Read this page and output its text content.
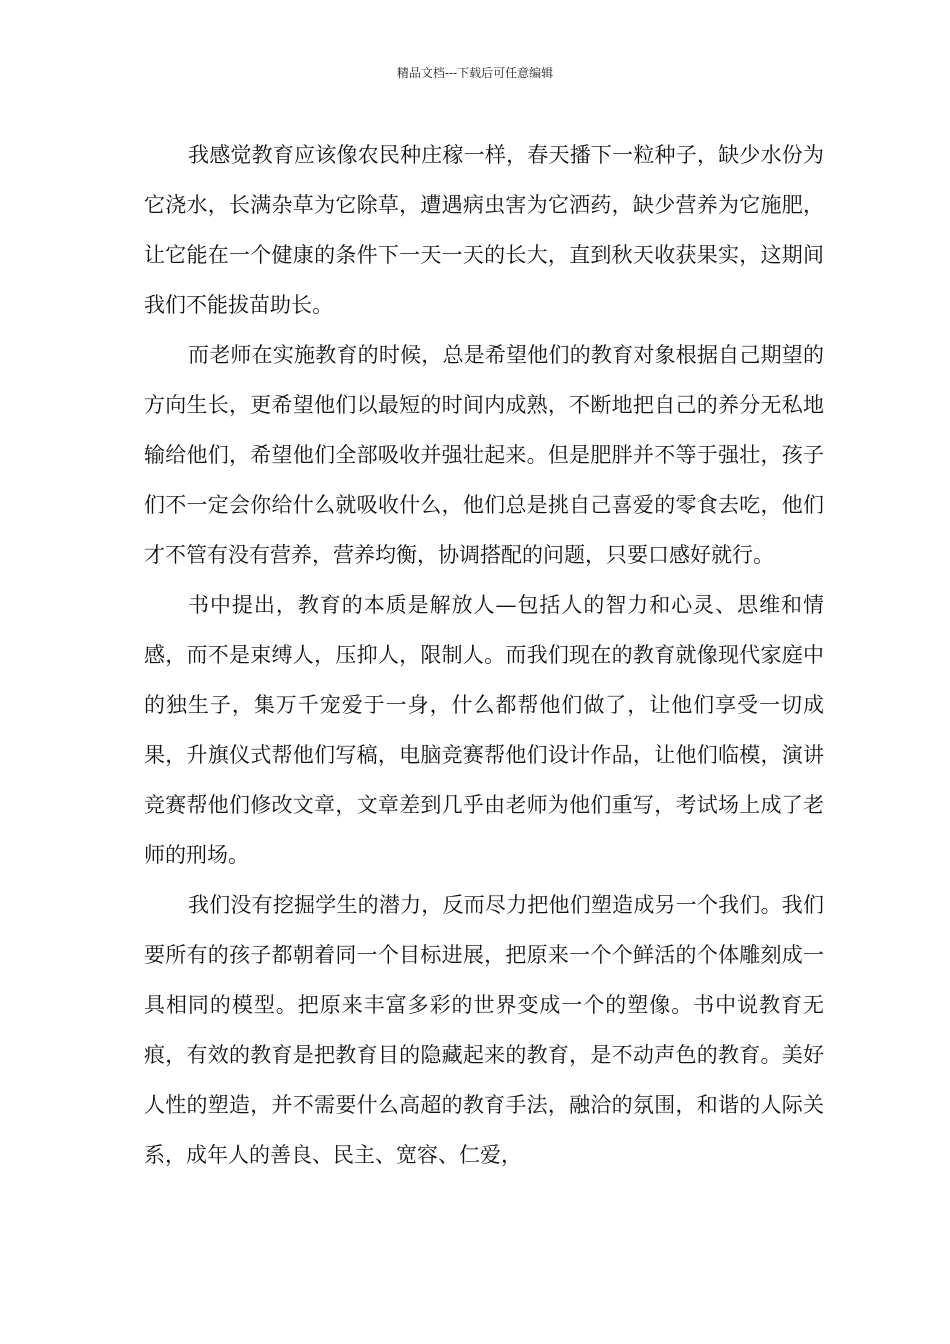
精品文档---下载后可任意编辑

我感觉教育应该像农民种庄稼一样，春天播下一粒种子，缺少水份为它浇水，长满杂草为它除草，遭遇病虫害为它洒药，缺少营养为它施肥，让它能在一个健康的条件下一天一天的长大，直到秋天收获果实，这期间我们不能拔苗助长。

而老师在实施教育的时候，总是希望他们的教育对象根据自己期望的方向生长，更希望他们以最短的时间内成熟，不断地把自己的养分无私地输给他们，希望他们全部吸收并强壮起来。但是肥胖并不等于强壮，孩子们不一定会你给什么就吸收什么，他们总是挑自己喜爱的零食去吃，他们才不管有没有营养，营养均衡，协调搭配的问题，只要口感好就行。

书中提出，教育的本质是解放人—包括人的智力和心灵、思维和情感，而不是束缚人，压抑人，限制人。而我们现在的教育就像现代家庭中的独生子，集万千宠爱于一身，什么都帮他们做了，让他们享受一切成果，升旗仪式帮他们写稿，电脑竞赛帮他们设计作品，让他们临模，演讲竞赛帮他们修改文章，文章差到几乎由老师为他们重写，考试场上成了老师的刑场。

我们没有挖掘学生的潜力，反而尽力把他们塑造成另一个我们。我们要所有的孩子都朝着同一个目标进展，把原来一个个鲜活的个体雕刻成一具相同的模型。把原来丰富多彩的世界变成一个的塑像。书中说教育无痕，有效的教育是把教育目的隐藏起来的教育，是不动声色的教育。美好人性的塑造，并不需要什么高超的教育手法，融洽的氛围，和谐的人际关系，成年人的善良、民主、宽容、仁爱，
